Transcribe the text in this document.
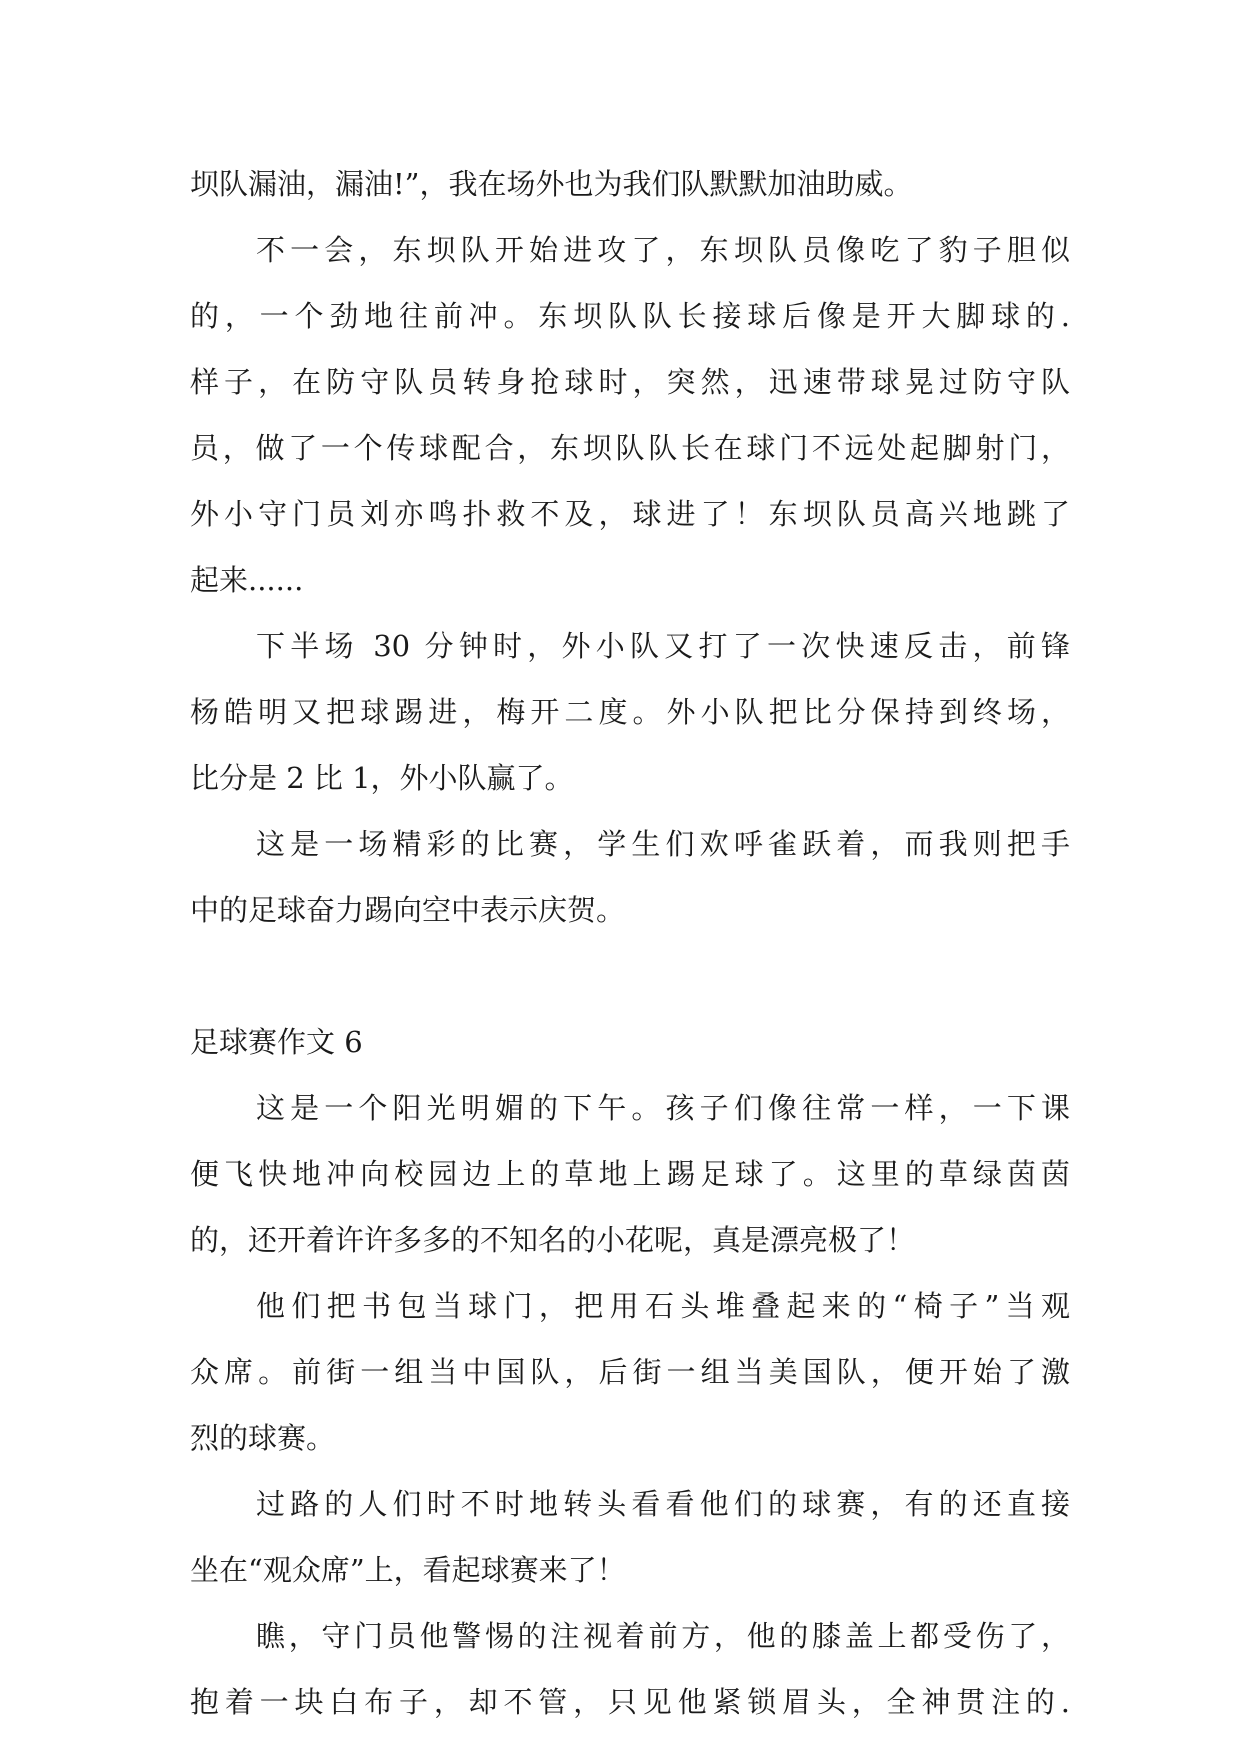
坝队漏油，漏油!”，我在场外也为我们队默默加油助威。
不一会，东坝队开始进攻了，东坝队员像吃了豹子胆似
的，一个劲地往前冲。东坝队队长接球后像是开大脚球的.
样子，在防守队员转身抢球时，突然，迅速带球晃过防守队
员，做了一个传球配合，东坝队队长在球门不远处起脚射门，
外小守门员刘亦鸣扑救不及，球进了！东坝队员高兴地跳了
起来......
下半场 30 分钟时，外小队又打了一次快速反击，前锋
杨皓明又把球踢进，梅开二度。外小队把比分保持到终场，
比分是 2 比 1，外小队赢了。
这是一场精彩的比赛，学生们欢呼雀跃着，而我则把手
中的足球奋力踢向空中表示庆贺。
足球赛作文 6
这是一个阳光明媚的下午。孩子们像往常一样，一下课
便飞快地冲向校园边上的草地上踢足球了。这里的草绿茵茵
的，还开着许许多多的不知名的小花呢，真是漂亮极了！
他们把书包当球门，把用石头堆叠起来的“椅子”当观
众席。前街一组当中国队，后街一组当美国队，便开始了激
烈的球赛。
过路的人们时不时地转头看看他们的球赛，有的还直接
坐在“观众席”上，看起球赛来了！
瞧，守门员他警惕的注视着前方，他的膝盖上都受伤了，
抱着一块白布子，却不管，只见他紧锁眉头，全神贯注的.
